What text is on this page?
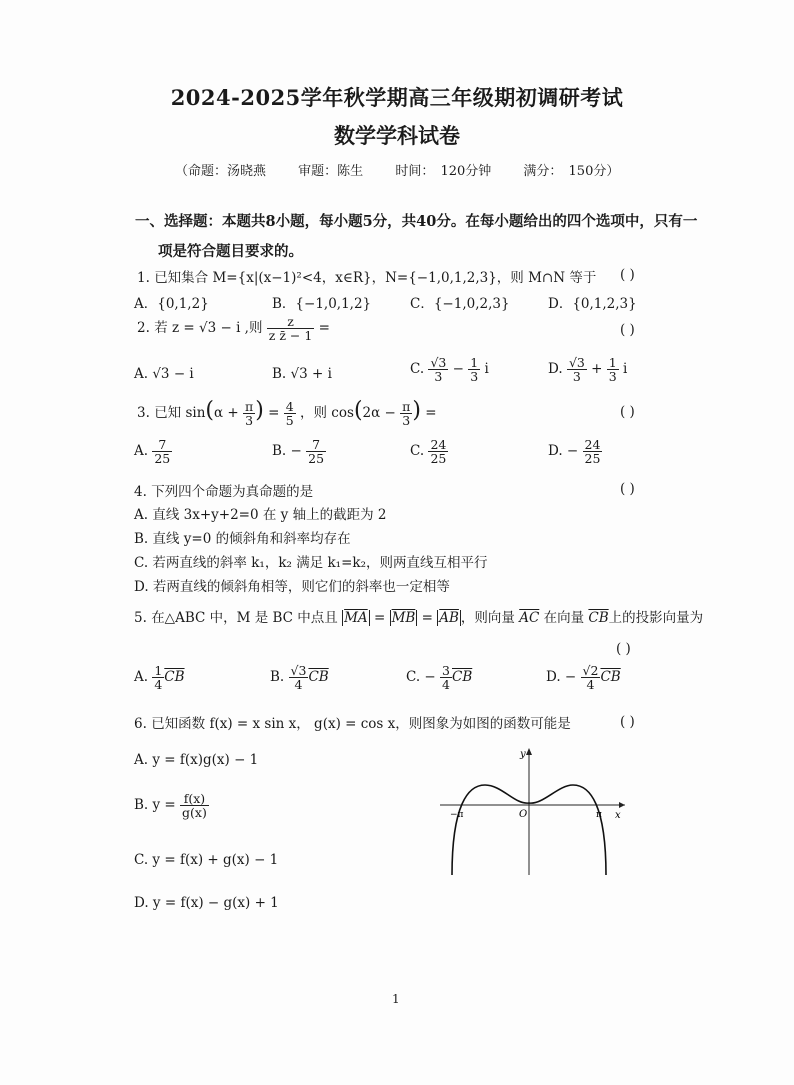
2024-2025学年秋学期高三年级期初调研考试
数学学科试卷
（命题：汤晓燕 审题：陈生 时间： 120分钟 满分： 150分）
一、选择题：本题共8小题，每小题5分，共40分。在每小题给出的四个选项中，只有一
项是符合题目要求的。
1. 已知集合 M={x|(x−1)²<4，x∈R}，N={−1,0,1,2,3}，则 M∩N 等于 ( )
A．{0,1,2}	B．{−1,0,1,2}	C．{−1,0,2,3}	D．{0,1,2,3}
2. 若 z = √3 − i ,则 $\frac{z}{\text{z z̄ − 1}}$ =	( )
A. √3 − i	B. √3 + i	C. $\frac{√3}{3} - \frac{1}{3}$ i	D. $\frac{√3}{3} + \frac{1}{3}$ i
3. 已知 $\sin(\alpha + \frac{\pi}{3}$ ) = $\frac{4}{5}$ ，则 $\cos(2\alpha - \frac{\pi}{3}$ ) =	( )
A. $\frac{7}{25}$	B. − $\frac{7}{25}$	C. $\frac{24}{25}$	D. − $\frac{24}{25}$
4. 下列四个命题为真命题的是	( )
A. 直线 3x+y+2=0 在 y 轴上的截距为 2
B. 直线 y=0 的倾斜角和斜率均存在
C. 若两直线的斜率 k₁，k₂ 满足 k₁=k₂，则两直线互相平行
D. 若两直线的倾斜角相等，则它们的斜率也一定相等
5. 在△ABC 中，M 是 BC 中点且 $\overline{MA} = \overline{MB} = \overline{AB}$ ，则向量 $\overline{AC}$ 在向量 $\overline{CB}$上的投影向量为
( )
A. $\frac{1}{4} \overline{CB}$	B. $\frac{√3}{4} \overline{CB}$	C. − $\frac{3}{4} \overline{CB}$	D. − $\frac{√2}{4} \overline{CB}$
6. 已知函数 f(x) = x sin x， g(x) = cos x，则图象为如图的函数可能是	( )
A. y = f(x)g(x) − 1
B. $y = \frac{f(x)}{g(x)}$
C. y = f(x) + g(x) − 1
D. y = f(x) − g(x) + 1
y
x
O
−π	π
1
